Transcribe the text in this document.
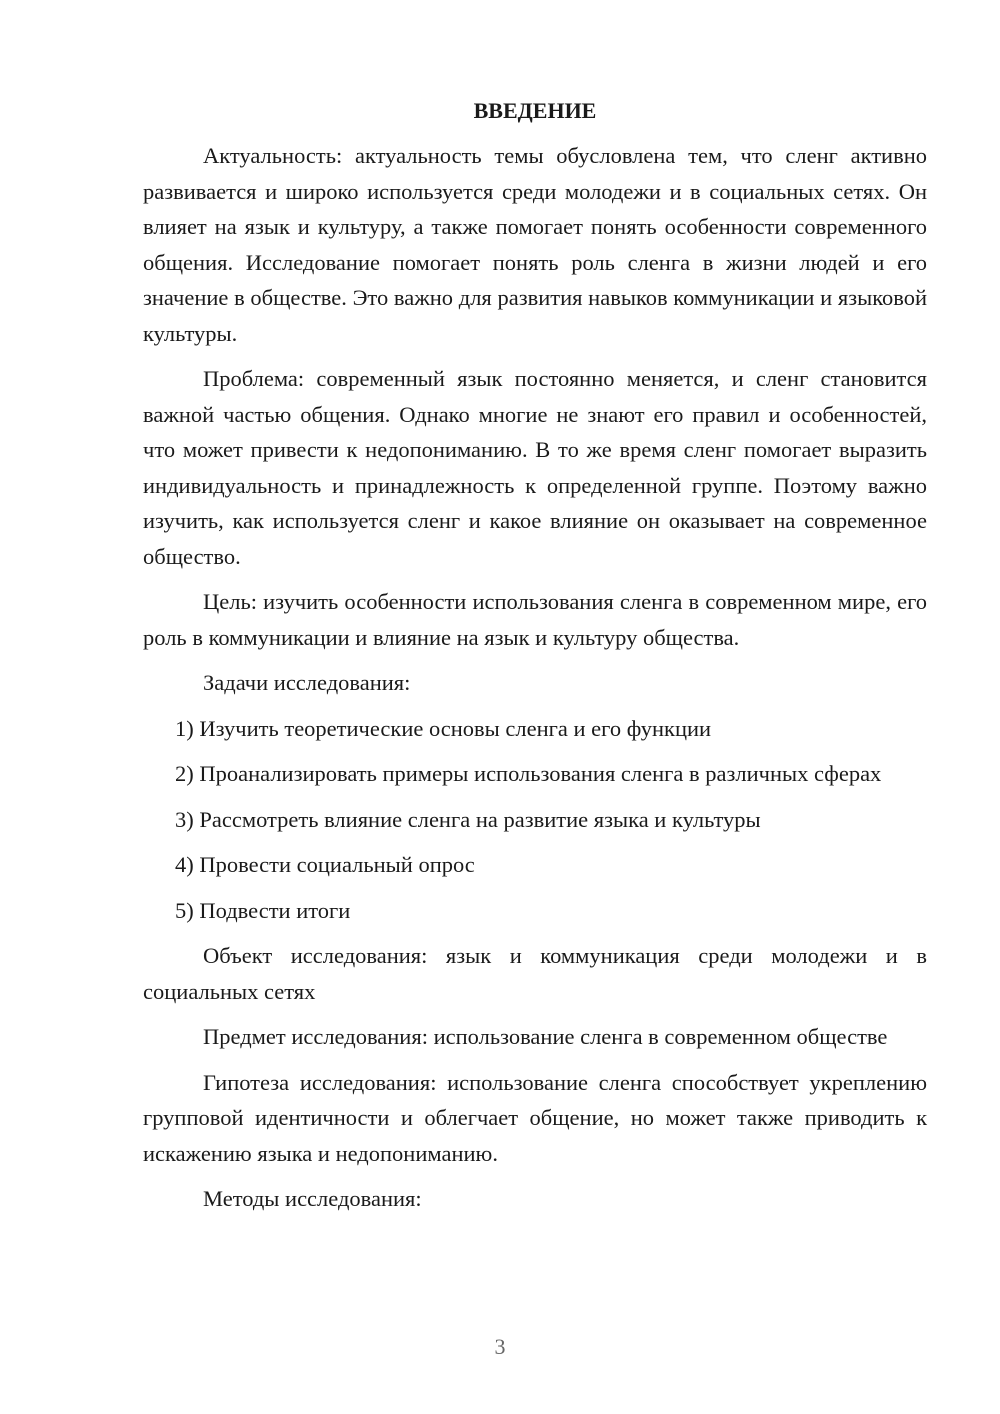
ВВЕДЕНИЕ

Актуальность: актуальность темы обусловлена тем, что сленг активно развивается и широко используется среди молодежи и в социальных сетях. Он влияет на язык и культуру, а также помогает понять особенности современного общения. Исследование помогает понять роль сленга в жизни людей и его значение в обществе. Это важно для развития навыков коммуникации и языковой культуры.

Проблема: современный язык постоянно меняется, и сленг становится важной частью общения. Однако многие не знают его правил и особенностей, что может привести к недопониманию. В то же время сленг помогает выразить индивидуальность и принадлежность к определенной группе. Поэтому важно изучить, как используется сленг и какое влияние он оказывает на современное общество.

Цель: изучить особенности использования сленга в современном мире, его роль в коммуникации и влияние на язык и культуру общества.

Задачи исследования:

1) Изучить теоретические основы сленга и его функции

2) Проанализировать примеры использования сленга в различных сферах

3) Рассмотреть влияние сленга на развитие языка и культуры

4) Провести социальный опрос

5) Подвести итоги

Объект исследования: язык и коммуникация среди молодежи и в социальных сетях

Предмет исследования: использование сленга в современном обществе

Гипотеза исследования: использование сленга способствует укреплению групповой идентичности и облегчает общение, но может также приводить к искажению языка и недопониманию.

Методы исследования:

3
